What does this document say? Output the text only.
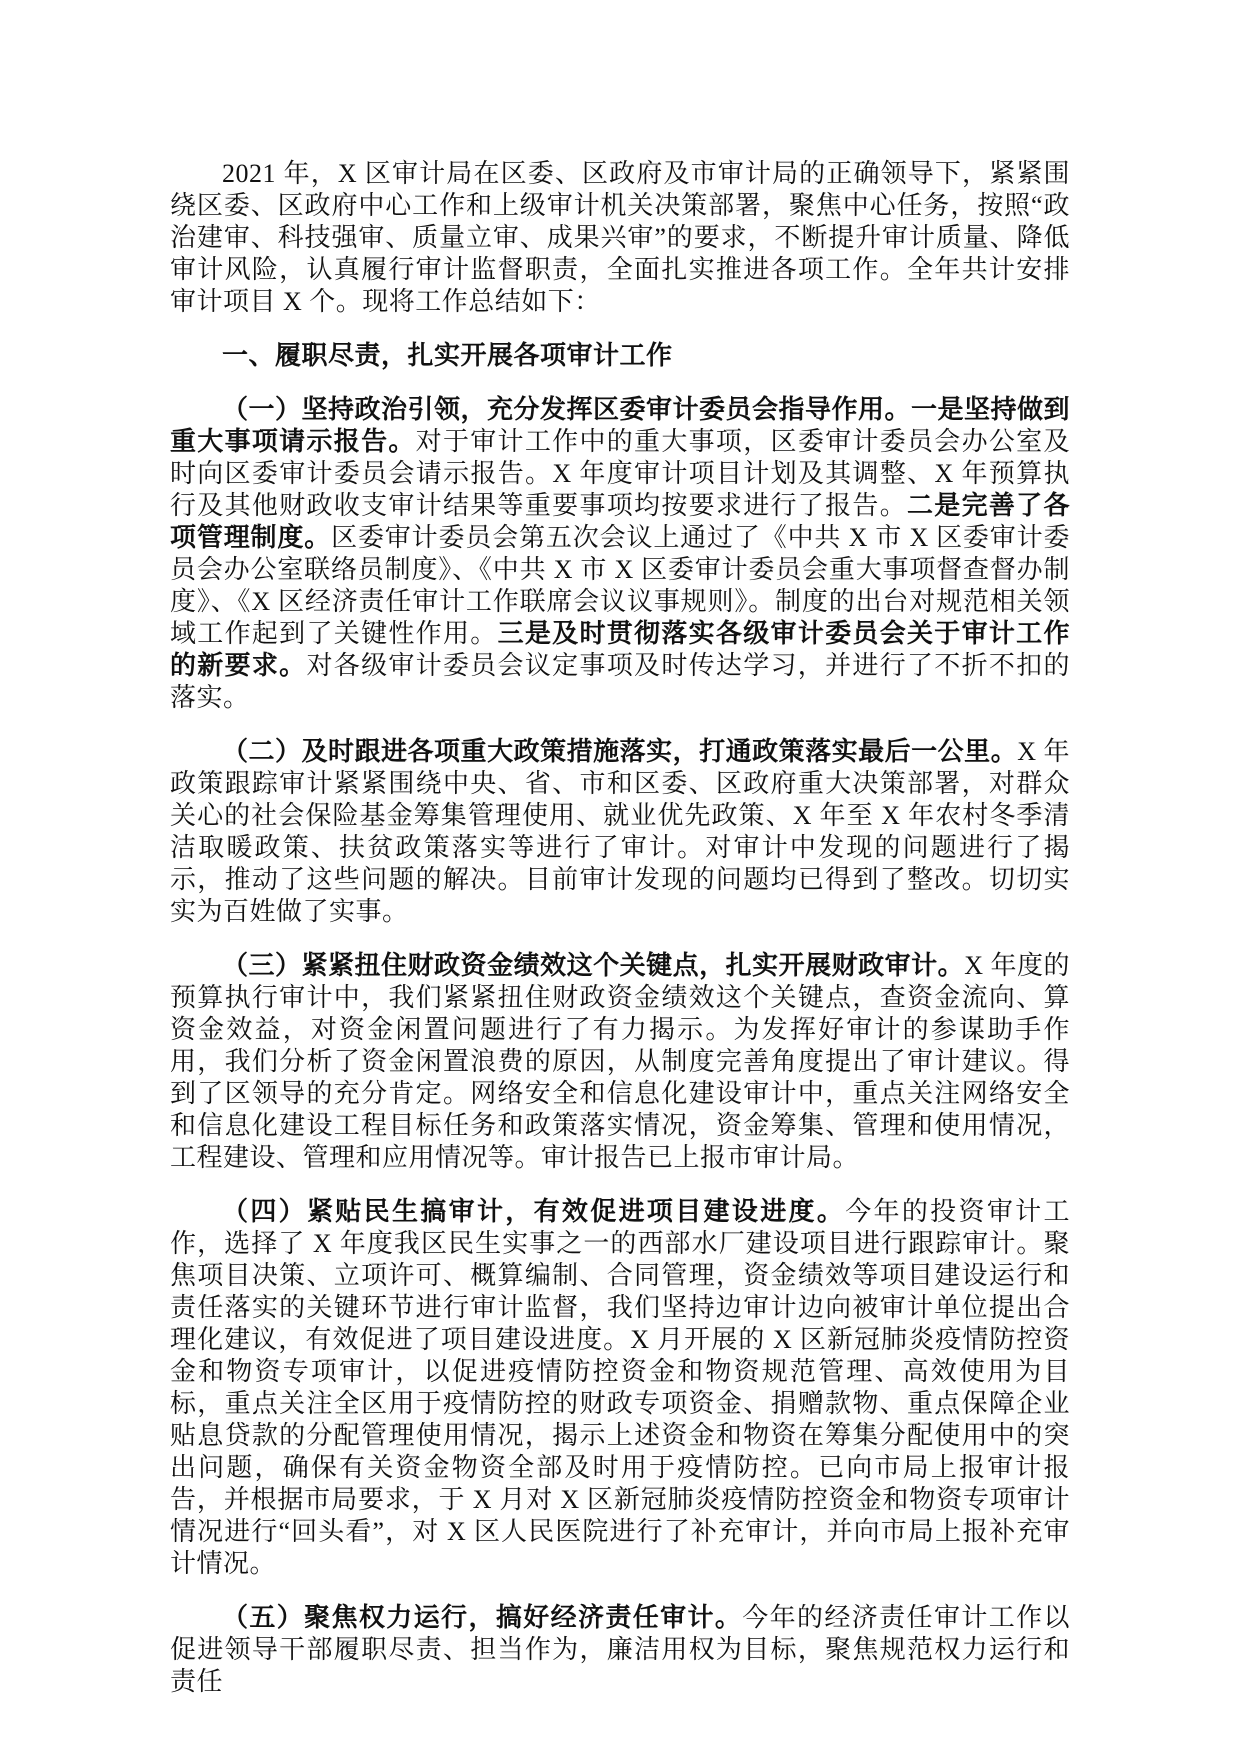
2021 年，X 区审计局在区委、区政府及市审计局的正确领导下，紧紧围绕区委、区政府中心工作和上级审计机关决策部署，聚焦中心任务，按照“政治建审、科技强审、质量立审、成果兴审”的要求，不断提升审计质量、降低审计风险，认真履行审计监督职责，全面扎实推进各项工作。全年共计安排审计项目 X 个。现将工作总结如下：

一、履职尽责，扎实开展各项审计工作

（一）坚持政治引领，充分发挥区委审计委员会指导作用。一是坚持做到重大事项请示报告。对于审计工作中的重大事项，区委审计委员会办公室及时向区委审计委员会请示报告。X 年度审计项目计划及其调整、X 年预算执行及其他财政收支审计结果等重要事项均按要求进行了报告。二是完善了各项管理制度。区委审计委员会第五次会议上通过了《中共 X 市 X 区委审计委员会办公室联络员制度》、《中共 X 市 X 区委审计委员会重大事项督查督办制度》、《X 区经济责任审计工作联席会议议事规则》。制度的出台对规范相关领域工作起到了关键性作用。三是及时贯彻落实各级审计委员会关于审计工作的新要求。对各级审计委员会议定事项及时传达学习，并进行了不折不扣的落实。

（二）及时跟进各项重大政策措施落实，打通政策落实最后一公里。X 年政策跟踪审计紧紧围绕中央、省、市和区委、区政府重大决策部署，对群众关心的社会保险基金筹集管理使用、就业优先政策、X 年至 X 年农村冬季清洁取暖政策、扶贫政策落实等进行了审计。对审计中发现的问题进行了揭示，推动了这些问题的解决。目前审计发现的问题均已得到了整改。切切实实为百姓做了实事。

（三）紧紧扭住财政资金绩效这个关键点，扎实开展财政审计。X 年度的预算执行审计中，我们紧紧扭住财政资金绩效这个关键点，查资金流向、算资金效益，对资金闲置问题进行了有力揭示。为发挥好审计的参谋助手作用，我们分析了资金闲置浪费的原因，从制度完善角度提出了审计建议。得到了区领导的充分肯定。网络安全和信息化建设审计中，重点关注网络安全和信息化建设工程目标任务和政策落实情况，资金筹集、管理和使用情况，工程建设、管理和应用情况等。审计报告已上报市审计局。

（四）紧贴民生搞审计，有效促进项目建设进度。今年的投资审计工作，选择了 X 年度我区民生实事之一的西部水厂建设项目进行跟踪审计。聚焦项目决策、立项许可、概算编制、合同管理，资金绩效等项目建设运行和责任落实的关键环节进行审计监督，我们坚持边审计边向被审计单位提出合理化建议，有效促进了项目建设进度。X 月开展的 X 区新冠肺炎疫情防控资金和物资专项审计，以促进疫情防控资金和物资规范管理、高效使用为目标，重点关注全区用于疫情防控的财政专项资金、捐赠款物、重点保障企业贴息贷款的分配管理使用情况，揭示上述资金和物资在筹集分配使用中的突出问题，确保有关资金物资全部及时用于疫情防控。已向市局上报审计报告，并根据市局要求，于 X 月对 X 区新冠肺炎疫情防控资金和物资专项审计情况进行“回头看”，对 X 区人民医院进行了补充审计，并向市局上报补充审计情况。

（五）聚焦权力运行，搞好经济责任审计。今年的经济责任审计工作以促进领导干部履职尽责、担当作为，廉洁用权为目标，聚焦规范权力运行和责任
